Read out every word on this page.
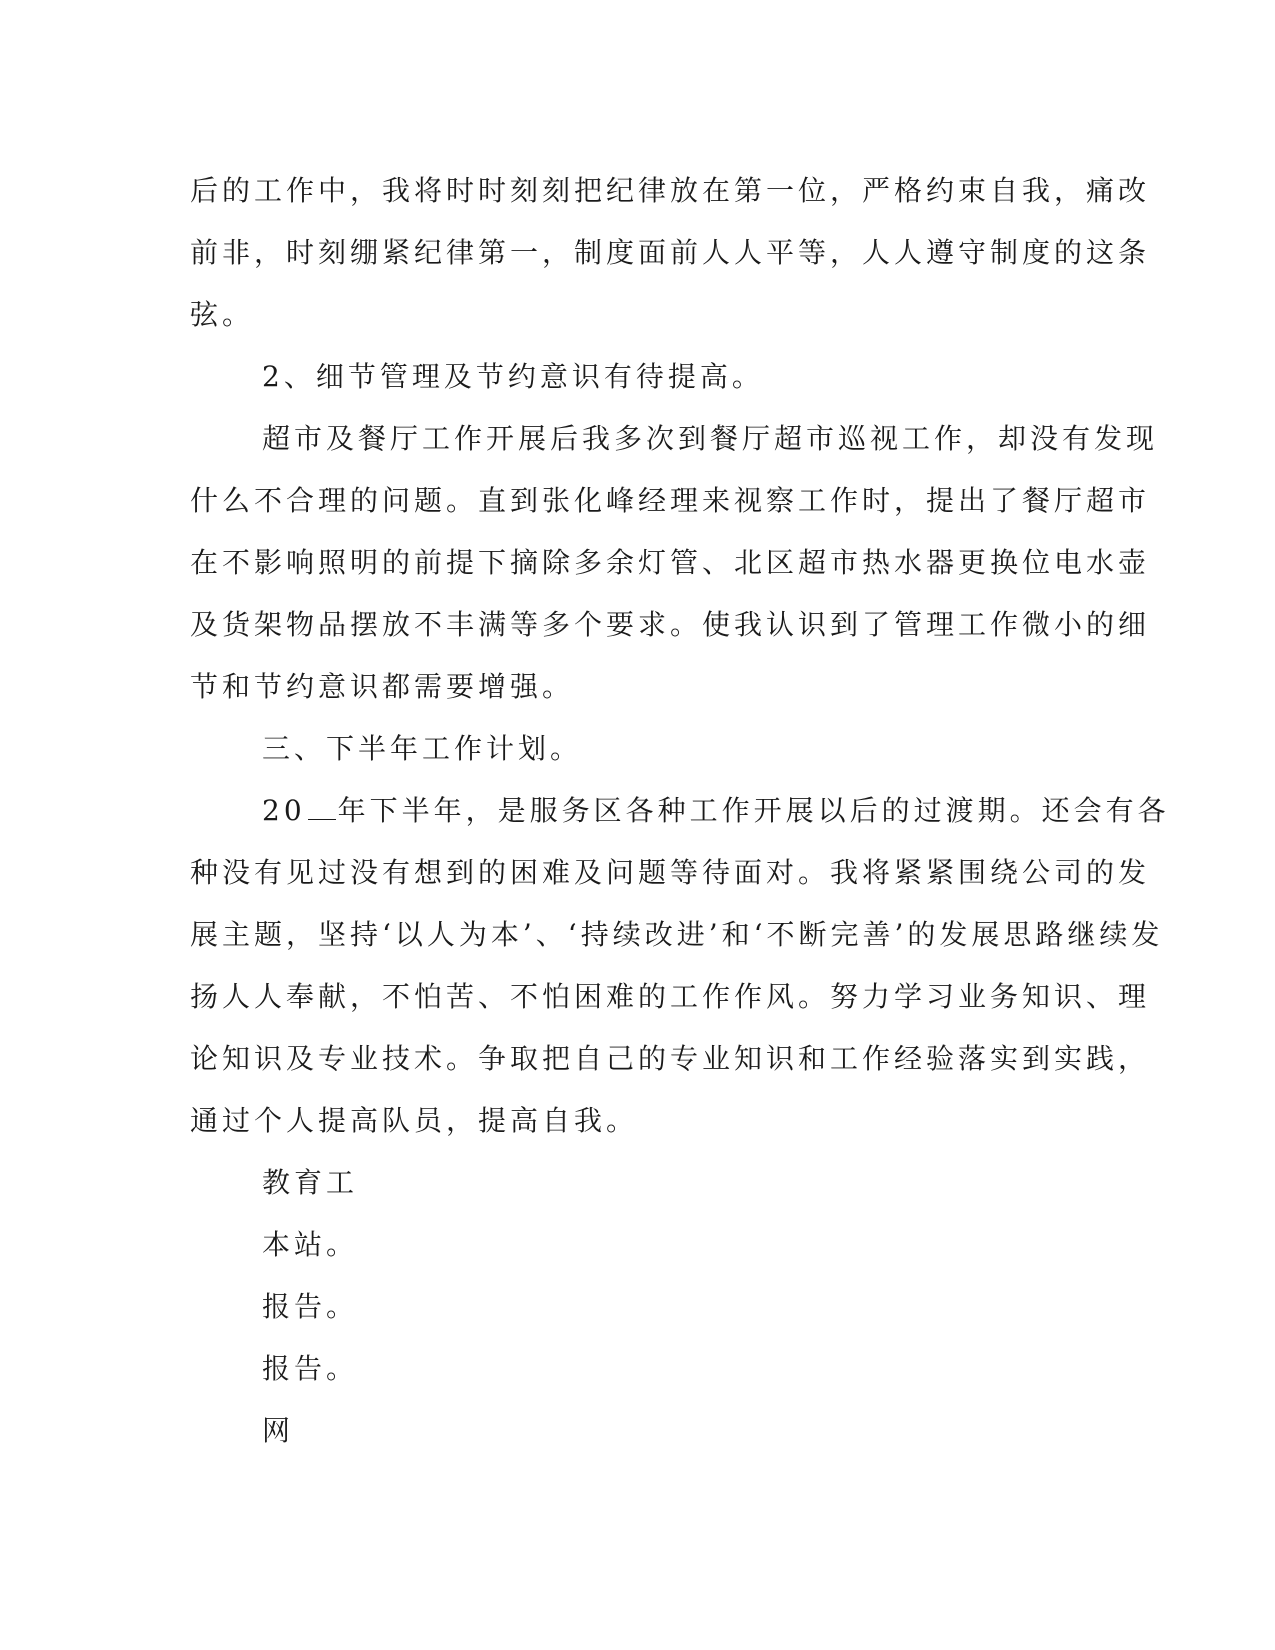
后的工作中，我将时时刻刻把纪律放在第一位，严格约束自我，痛改
前非，时刻绷紧纪律第一，制度面前人人平等，人人遵守制度的这条
弦。
2、细节管理及节约意识有待提高。
超市及餐厅工作开展后我多次到餐厅超市巡视工作，却没有发现
什么不合理的问题。直到张化峰经理来视察工作时，提出了餐厅超市
在不影响照明的前提下摘除多余灯管、北区超市热水器更换位电水壶
及货架物品摆放不丰满等多个要求。使我认识到了管理工作微小的细
节和节约意识都需要增强。
三、下半年工作计划。
20 年下半年，是服务区各种工作开展以后的过渡期。还会有各
种没有见过没有想到的困难及问题等待面对。我将紧紧围绕公司的发
展主题，坚持‘以人为本’、‘持续改进’和‘不断完善’的发展思路继续发
扬人人奉献，不怕苦、不怕困难的工作作风。努力学习业务知识、理
论知识及专业技术。争取把自己的专业知识和工作经验落实到实践，
通过个人提高队员，提高自我。
教育工
本站。
报告。
报告。
网
